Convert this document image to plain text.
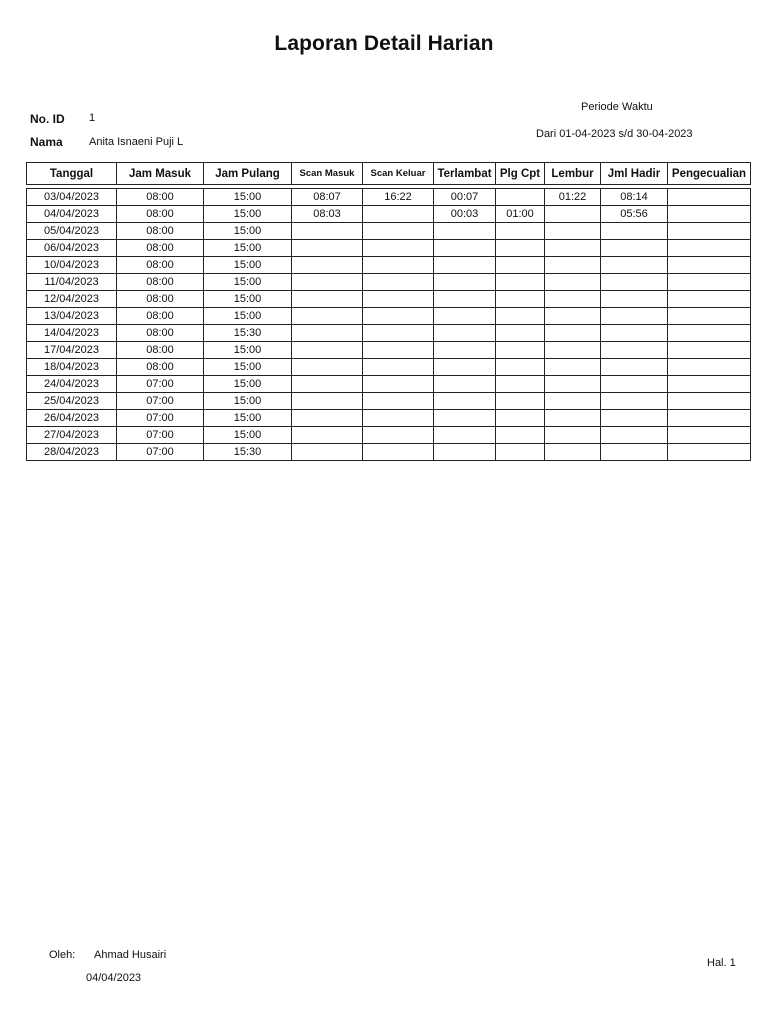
Laporan Detail Harian
No. ID 1
Nama Anita Isnaeni Puji L
Periode Waktu
Dari 01-04-2023 s/d 30-04-2023
Tanggal	Jam Masuk	Jam Pulang	Scan Masuk	Scan Keluar	Terlambat	Plg Cpt	Lembur	Jml Hadir	Pengecualian

03/04/2023	08:00	15:00	08:07	16:22	00:07		01:22	08:14	
04/04/2023	08:00	15:00	08:03		00:03	01:00		05:56	
05/04/2023	08:00	15:00							
06/04/2023	08:00	15:00							
10/04/2023	08:00	15:00							
11/04/2023	08:00	15:00							
12/04/2023	08:00	15:00							
13/04/2023	08:00	15:00							
14/04/2023	08:00	15:30							
17/04/2023	08:00	15:00							
18/04/2023	08:00	15:00							
24/04/2023	07:00	15:00							
25/04/2023	07:00	15:00							
26/04/2023	07:00	15:00							
27/04/2023	07:00	15:00							
28/04/2023	07:00	15:30							
Oleh: Ahmad Husairi
04/04/2023
Hal. 1
